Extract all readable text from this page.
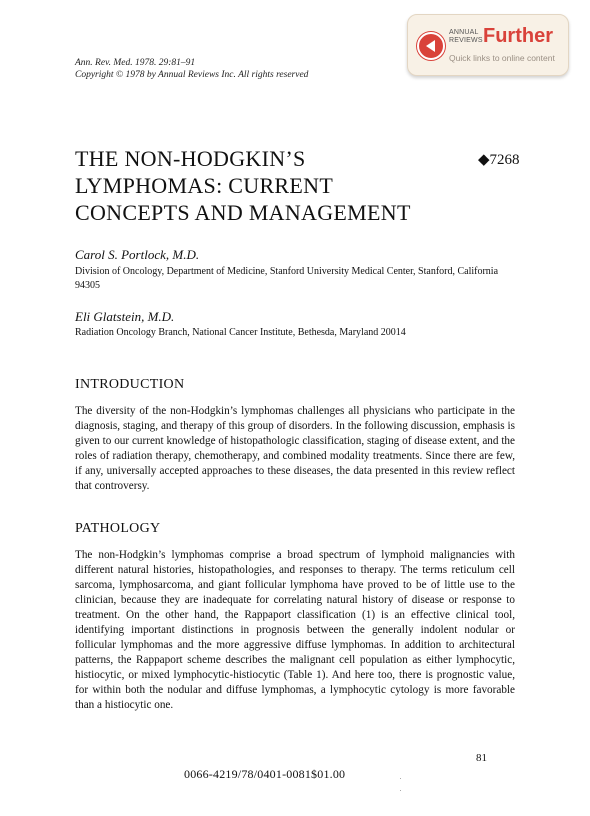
Ann. Rev. Med. 1978. 29:81–91
Copyright © 1978 by Annual Reviews Inc. All rights reserved
ANNUAL
REVIEWS Further
Quick links to online content
THE NON-HODGKIN’S
LYMPHOMAS: CURRENT
CONCEPTS AND MANAGEMENT
◆7268
Carol S. Portlock, M.D.
Division of Oncology, Department of Medicine, Stanford University Medical Center, Stanford, California 94305
Eli Glatstein, M.D.
Radiation Oncology Branch, National Cancer Institute, Bethesda, Maryland 20014
INTRODUCTION
The diversity of the non-Hodgkin’s lymphomas challenges all physicians who participate in the diagnosis, staging, and therapy of this group of disorders. In the following discussion, emphasis is given to our current knowledge of histopathologic classification, staging of disease extent, and the roles of radiation therapy, chemotherapy, and combined modality treatments. Since there are few, if any, universally accepted approaches to these diseases, the data presented in this review reflect that controversy.
PATHOLOGY
The non-Hodgkin’s lymphomas comprise a broad spectrum of lymphoid malignancies with different natural histories, histopathologies, and responses to therapy. The terms reticulum cell sarcoma, lymphosarcoma, and giant follicular lymphoma have proved to be of little use to the clinician, because they are inadequate for correlating natural history of disease or response to treatment. On the other hand, the Rappaport classification (1) is an effective clinical tool, identifying important distinctions in prognosis between the generally indolent nodular or follicular lymphomas and the more aggressive diffuse lymphomas. In addition to architectural patterns, the Rappaport scheme describes the malignant cell population as either lymphocytic, histiocytic, or mixed lymphocytic-histiocytic (Table 1). And here too, there is prognostic value, for within both the nodular and diffuse lymphomas, a lymphocytic cytology is more favorable than a histiocytic one.
81
0066-4219/78/0401-0081$01.00
